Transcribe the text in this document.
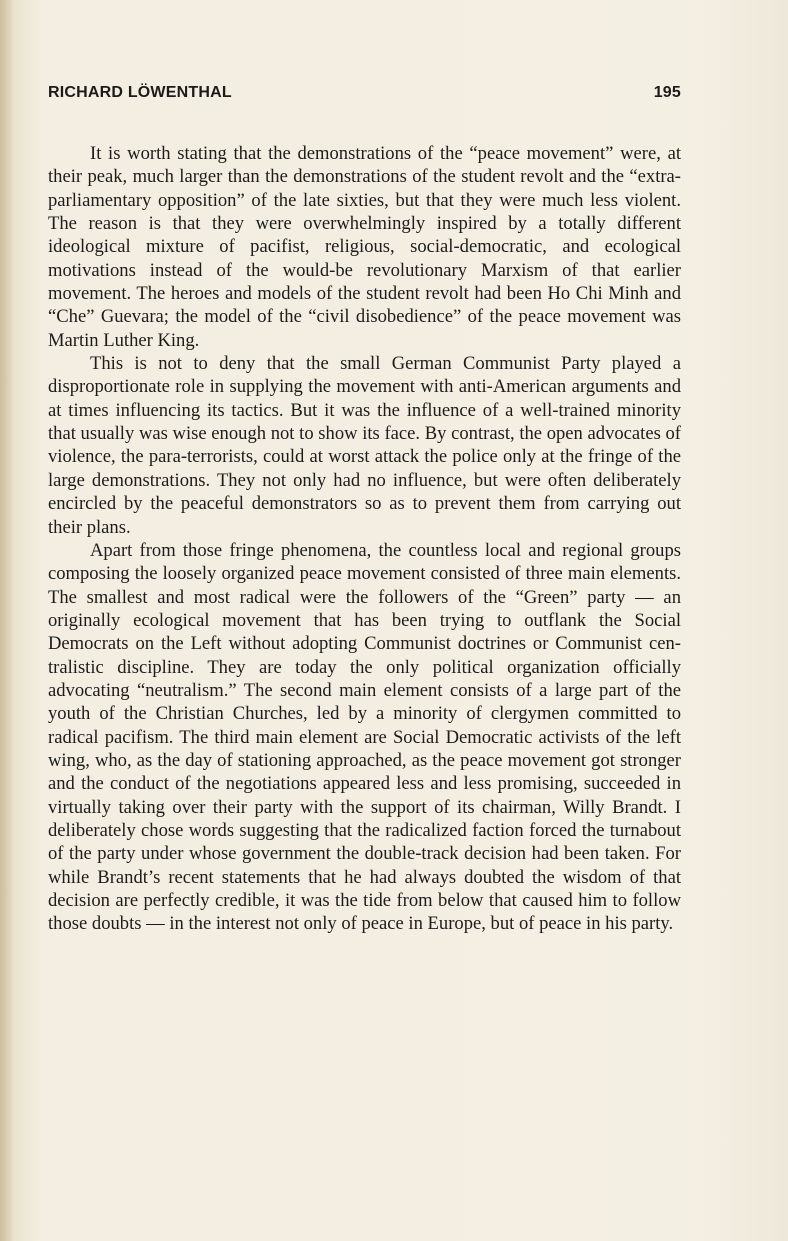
RICHARD LÖWENTHAL	195

It is worth stating that the demonstrations of the “peace movement” were, at their peak, much larger than the demonstrations of the student revolt and the “extra-parliamentary opposition” of the late sixties, but that they were much less violent. The reason is that they were overwhelmingly inspired by a totally different ideological mixture of pacifist, religious, social-democratic, and ecological motivations instead of the would-be revolutionary Marxism of that earlier movement. The heroes and models of the student revolt had been Ho Chi Minh and “Che” Guevara; the model of the “civil disobedience” of the peace movement was Martin Luther King.

This is not to deny that the small German Communist Party played a disproportionate role in supplying the movement with anti-American arguments and at times influencing its tactics. But it was the influence of a well-trained minority that usually was wise enough not to show its face. By contrast, the open advocates of violence, the para-terrorists, could at worst attack the police only at the fringe of the large demonstrations. They not only had no influence, but were often deliberately encircled by the peaceful demonstrators so as to prevent them from carrying out their plans.

Apart from those fringe phenomena, the countless local and regional groups composing the loosely organized peace movement consisted of three main elements. The smallest and most radical were the followers of the “Green” party — an originally ecological movement that has been trying to outflank the Social Democrats on the Left without adopting Communist doctrines or Communist centralistic discipline. They are today the only political organization officially advocating “neutralism.” The second main element consists of a large part of the youth of the Christian Churches, led by a minority of clergymen committed to radical pacifism. The third main element are Social Democratic activists of the left wing, who, as the day of stationing approached, as the peace movement got stronger and the conduct of the negotiations appeared less and less promising, succeeded in virtually taking over their party with the support of its chairman, Willy Brandt. I deliberately chose words suggesting that the radicalized faction forced the turnabout of the party under whose government the double-track decision had been taken. For while Brandt’s recent statements that he had always doubted the wisdom of that decision are perfectly credible, it was the tide from below that caused him to follow those doubts — in the interest not only of peace in Europe, but of peace in his party.
